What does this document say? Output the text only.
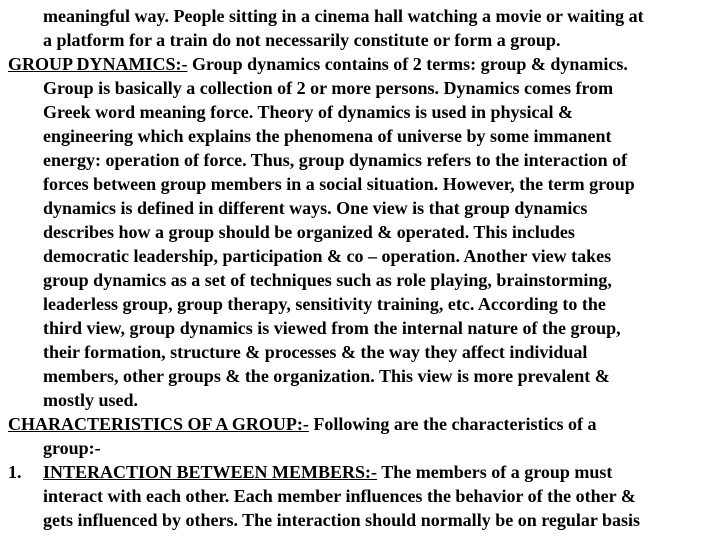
meaningful way. People sitting in a cinema hall watching a movie or waiting at
a platform for a train do not necessarily constitute or form a group.
GROUP DYNAMICS:- Group dynamics contains of 2 terms: group & dynamics.
Group is basically a collection of 2 or more persons. Dynamics comes from
Greek word meaning force. Theory of dynamics is used in physical &
engineering which explains the phenomena of universe by some immanent
energy: operation of force. Thus, group dynamics refers to the interaction of
forces between group members in a social situation. However, the term group
dynamics is defined in different ways. One view is that group dynamics
describes how a group should be organized & operated. This includes
democratic leadership, participation & co – operation. Another view takes
group dynamics as a set of techniques such as role playing, brainstorming,
leaderless group, group therapy, sensitivity training, etc. According to the
third view, group dynamics is viewed from the internal nature of the group,
their formation, structure & processes & the way they affect individual
members, other groups & the organization. This view is more prevalent &
mostly used.
CHARACTERISTICS OF A GROUP:- Following are the characteristics of a
group:-
1. INTERACTION BETWEEN MEMBERS:- The members of a group must
interact with each other. Each member influences the behavior of the other &
gets influenced by others. The interaction should normally be on regular basis
